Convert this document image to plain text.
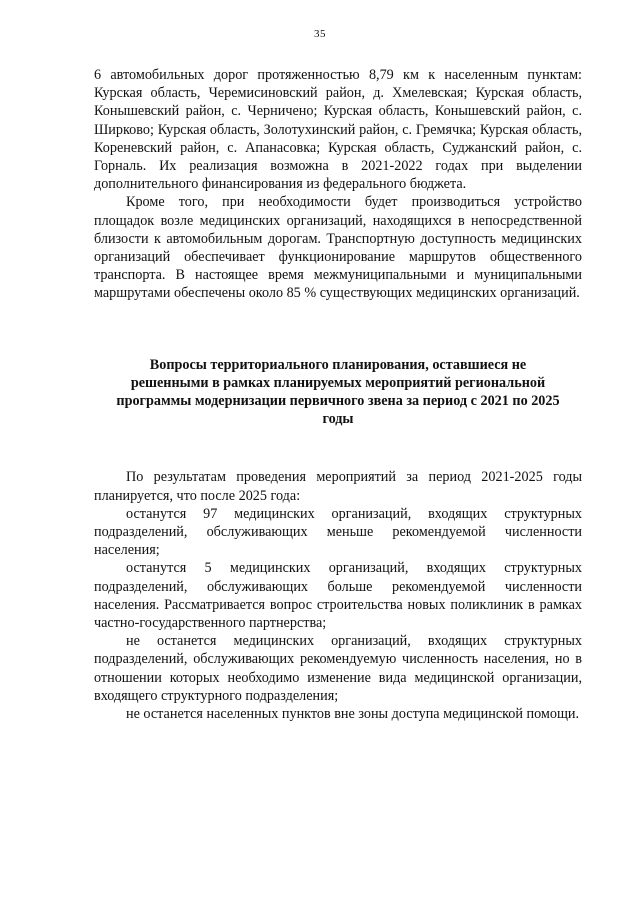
35

6 автомобильных дорог протяженностью 8,79 км к населенным пунктам: Курская область, Черемисиновский район, д. Хмелевская; Курская область, Конышевский район, с. Черничено; Курская область, Конышевский район, с. Ширково; Курская область, Золотухинский район, с. Гремячка; Курская область, Кореневский район, с. Апанасовка; Курская область, Суджанский район, с. Горналь. Их реализация возможна в 2021-2022 годах при выделении дополнительного финансирования из федерального бюджета.

Кроме того, при необходимости будет производиться устройство площадок возле медицинских организаций, находящихся в непосредственной близости к автомобильным дорогам. Транспортную доступность медицинских организаций обеспечивает функционирование маршрутов общественного транспорта. В настоящее время межмуниципальными и муниципальными маршрутами обеспечены около 85 % существующих медицинских организаций.

Вопросы территориального планирования, оставшиеся не решенными в рамках планируемых мероприятий региональной программы модернизации первичного звена за период с 2021 по 2025 годы

По результатам проведения мероприятий за период 2021-2025 годы планируется, что после 2025 года:

останутся 97 медицинских организаций, входящих структурных подразделений, обслуживающих меньше рекомендуемой численности населения;

останутся 5 медицинских организаций, входящих структурных подразделений, обслуживающих больше рекомендуемой численности населения. Рассматривается вопрос строительства новых поликлиник в рамках частно-государственного партнерства;

не останется медицинских организаций, входящих структурных подразделений, обслуживающих рекомендуемую численность населения, но в отношении которых необходимо изменение вида медицинской организации, входящего структурного подразделения;

не останется населенных пунктов вне зоны доступа медицинской помощи.
